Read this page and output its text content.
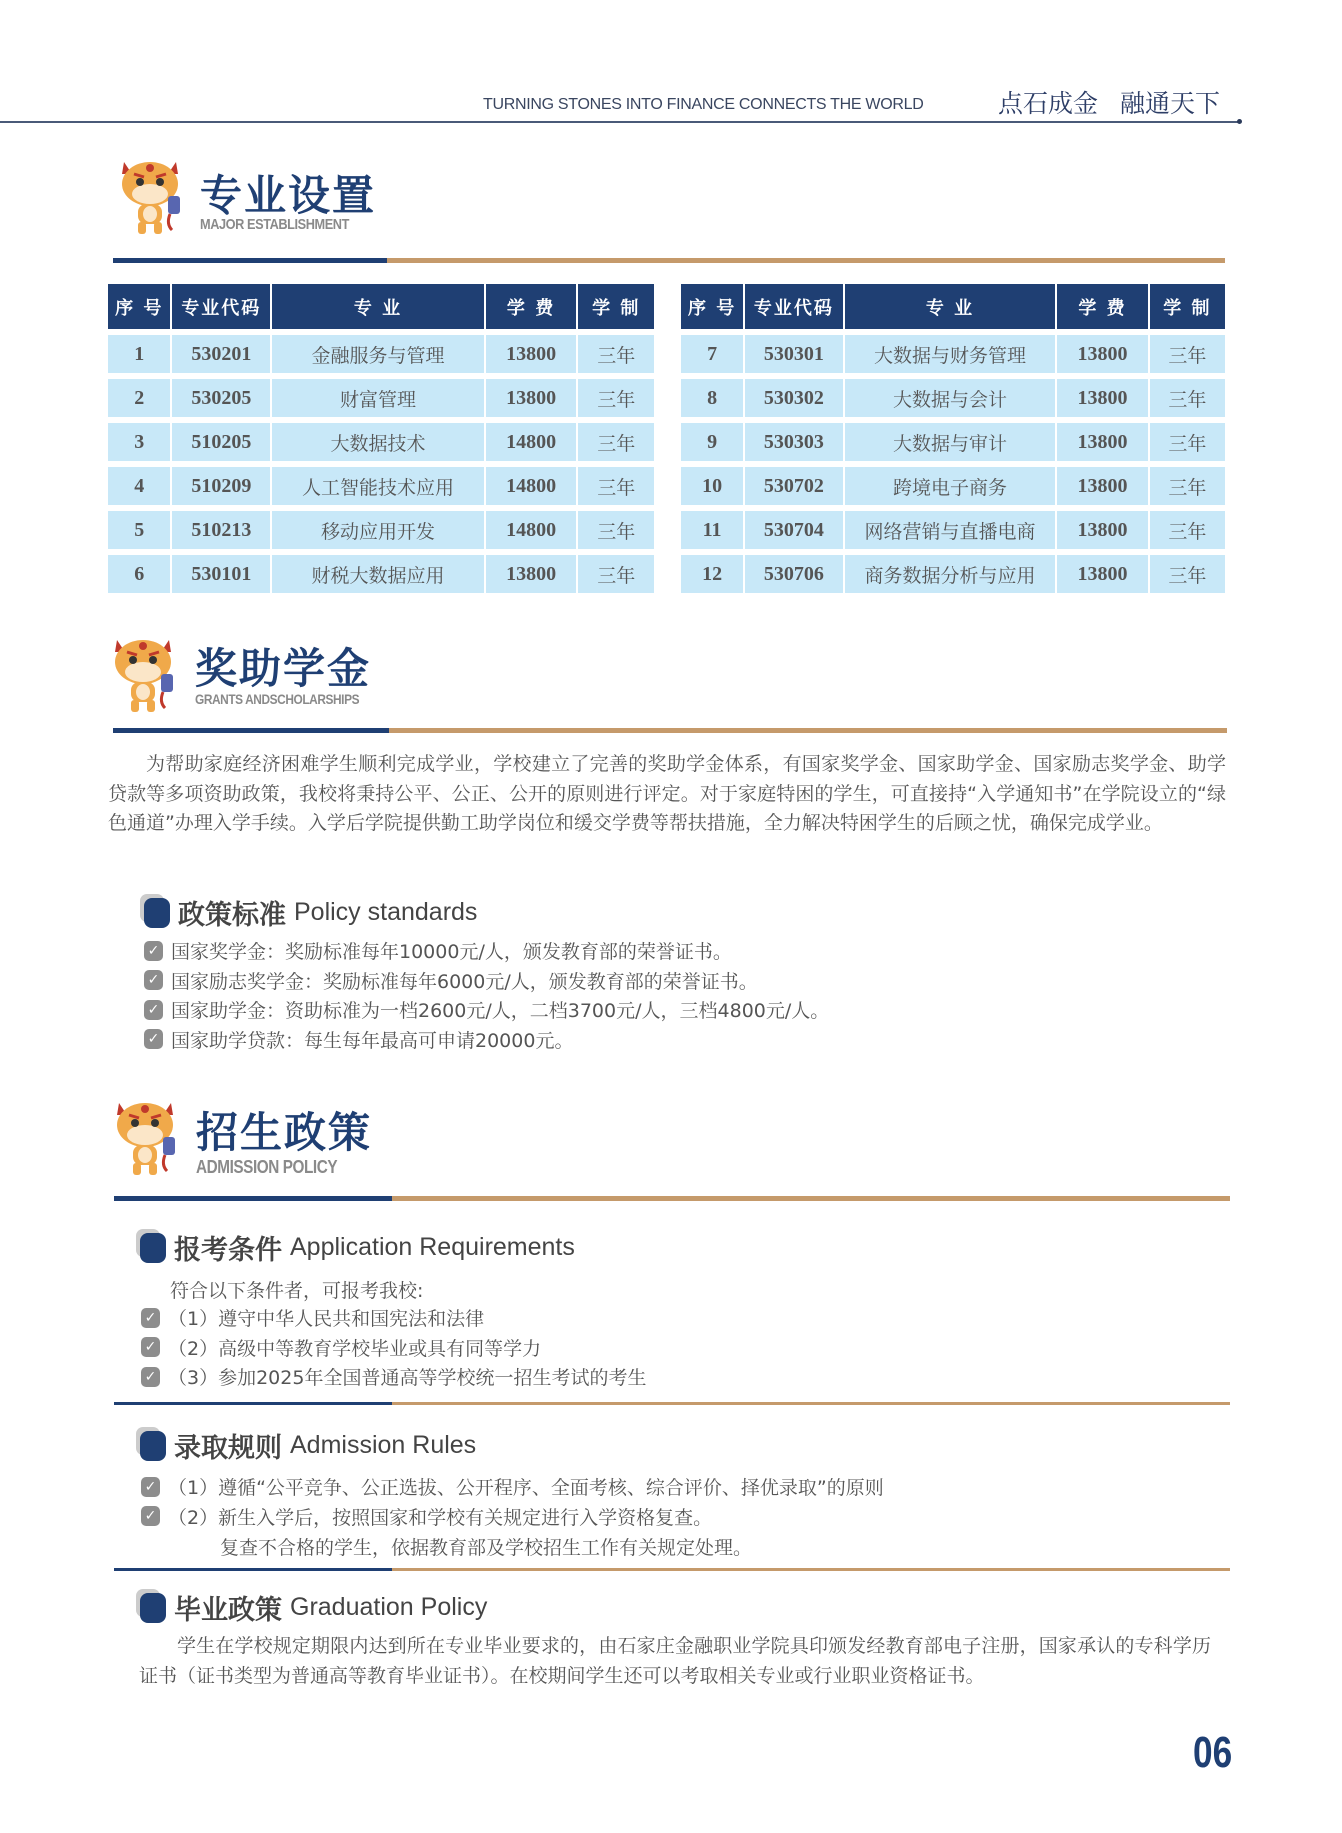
TURNING STONES INTO FINANCE CONNECTS THE WORLD	点石成金 融通天下
专业设置
MAJOR ESTABLISHMENT
序 号	专业代码	专 业	学 费	学 制
1	530201	金融服务与管理	13800	三年
2	530205	财富管理	13800	三年
3	510205	大数据技术	14800	三年
4	510209	人工智能技术应用	14800	三年
5	510213	移动应用开发	14800	三年
6	530101	财税大数据应用	13800	三年
序 号	专业代码	专 业	学 费	学 制
7	530301	大数据与财务管理	13800	三年
8	530302	大数据与会计	13800	三年
9	530303	大数据与审计	13800	三年
10	530702	跨境电子商务	13800	三年
11	530704	网络营销与直播电商	13800	三年
12	530706	商务数据分析与应用	13800	三年
奖助学金
GRANTS ANDSCHOLARSHIPS
为帮助家庭经济困难学生顺利完成学业，学校建立了完善的奖助学金体系，有国家奖学金、国家助学金、国家励志奖学金、助学贷款等多项资助政策，我校将秉持公平、公正、公开的原则进行评定。对于家庭特困的学生，可直接持“入学通知书”在学院设立的“绿色通道”办理入学手续。入学后学院提供勤工助学岗位和缓交学费等帮扶措施，全力解决特困学生的后顾之忧，确保完成学业。
政策标准 Policy standards
✓ 国家奖学金：奖励标准每年10000元/人，颁发教育部的荣誉证书。
✓ 国家励志奖学金：奖励标准每年6000元/人，颁发教育部的荣誉证书。
✓ 国家助学金：资助标准为一档2600元/人，二档3700元/人，三档4800元/人。
✓ 国家助学贷款：每生每年最高可申请20000元。
招生政策
ADMISSION POLICY
报考条件 Application Requirements
符合以下条件者，可报考我校:
✓ （1）遵守中华人民共和国宪法和法律
✓ （2）高级中等教育学校毕业或具有同等学力
✓ （3）参加2025年全国普通高等学校统一招生考试的考生
录取规则 Admission Rules
✓ （1）遵循“公平竞争、公正选拔、公开程序、全面考核、综合评价、择优录取”的原则
✓ （2）新生入学后，按照国家和学校有关规定进行入学资格复查。
复查不合格的学生，依据教育部及学校招生工作有关规定处理。
毕业政策 Graduation Policy
学生在学校规定期限内达到所在专业毕业要求的，由石家庄金融职业学院具印颁发经教育部电子注册，国家承认的专科学历证书（证书类型为普通高等教育毕业证书）。在校期间学生还可以考取相关专业或行业职业资格证书。
06
